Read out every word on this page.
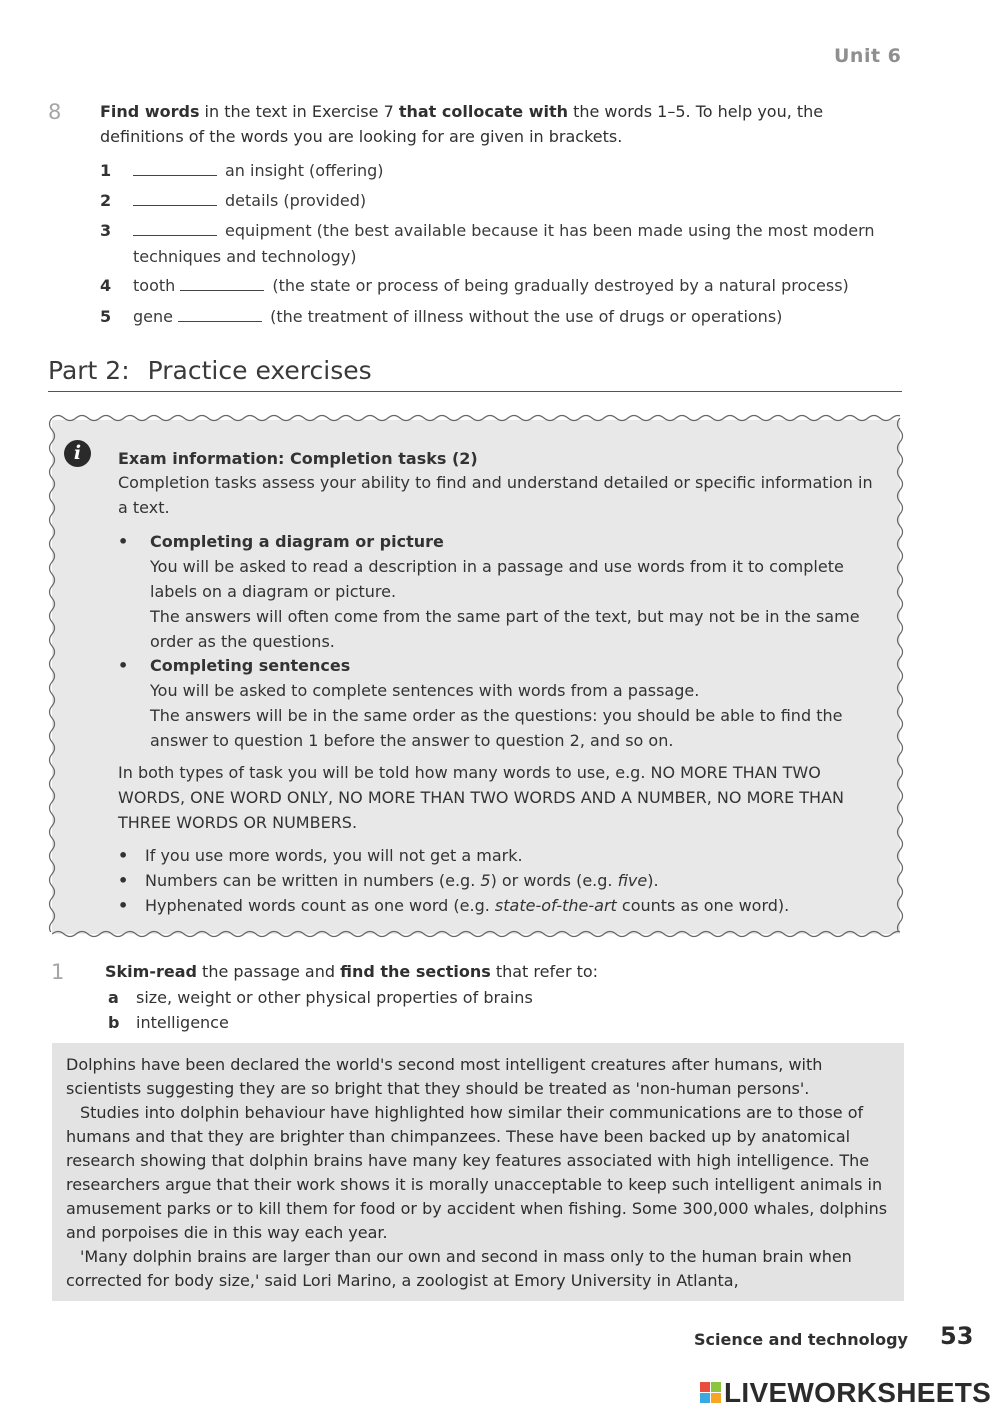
Unit 6
8 Find words in the text in Exercise 7 that collocate with the words 1–5. To help you, the definitions of the words you are looking for are given in brackets.
1	an insight (offering)
2	details (provided)
3	equipment (the best available because it has been made using the most modern techniques and technology)
4 tooth	(the state or process of being gradually destroyed by a natural process)
5 gene	(the treatment of illness without the use of drugs or operations)
Part 2: Practice exercises
i	Exam information: Completion tasks (2)
Completion tasks assess your ability to find and understand detailed or specific information in a text.
• Completing a diagram or picture
You will be asked to read a description in a passage and use words from it to complete labels on a diagram or picture.
The answers will often come from the same part of the text, but may not be in the same order as the questions.
• Completing sentences
You will be asked to complete sentences with words from a passage.
The answers will be in the same order as the questions: you should be able to find the answer to question 1 before the answer to question 2, and so on.
In both types of task you will be told how many words to use, e.g. NO MORE THAN TWO WORDS, ONE WORD ONLY, NO MORE THAN TWO WORDS AND A NUMBER, NO MORE THAN THREE WORDS OR NUMBERS.
• If you use more words, you will not get a mark.
• Numbers can be written in numbers (e.g. 5) or words (e.g. five).
• Hyphenated words count as one word (e.g. state-of-the-art counts as one word).
1	Skim-read the passage and find the sections that refer to:
a size, weight or other physical properties of brains
b intelligence

Dolphins have been declared the world's second most intelligent creatures after humans, with scientists suggesting they are so bright that they should be treated as 'non-human persons'.

Studies into dolphin behaviour have highlighted how similar their communications are to those of humans and that they are brighter than chimpanzees. These have been backed up by anatomical research showing that dolphin brains have many key features associated with high intelligence. The researchers argue that their work shows it is morally unacceptable to keep such intelligent animals in amusement parks or to kill them for food or by accident when fishing. Some 300,000 whales, dolphins and porpoises die in this way each year.

'Many dolphin brains are larger than our own and second in mass only to the human brain when corrected for body size,' said Lori Marino, a zoologist at Emory University in Atlanta,

Science and technology 53
LIVEWORKSHEETS
